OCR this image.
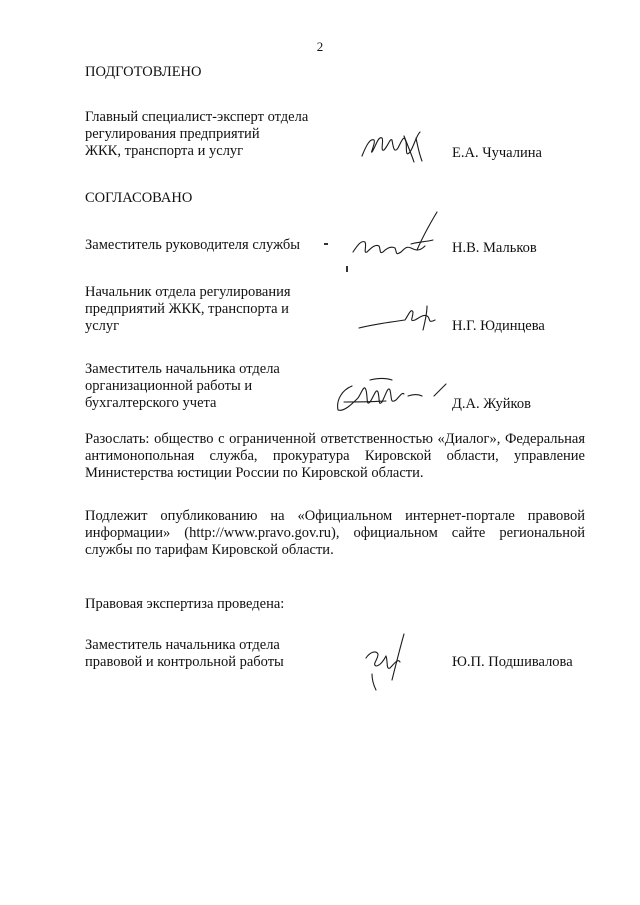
2
ПОДГОТОВЛЕНО
Главный специалист-эксперт отдела
регулирования предприятий
ЖКК, транспорта и услуг	Е.А. Чучалина
СОГЛАСОВАНО
Заместитель руководителя службы	Н.В. Мальков
Начальник отдела регулирования
предприятий ЖКК, транспорта и
услуг	Н.Г. Юдинцева
Заместитель начальника отдела
организационной работы и
бухгалтерского учета	Д.А. Жуйков
Разослать: общество с ограниченной ответственностью «Диалог», Федеральная антимонопольная служба, прокуратура Кировской области, управление Министерства юстиции России по Кировской области.
Подлежит опубликованию на «Официальном интернет-портале правовой информации» (http://www.pravo.gov.ru), официальном сайте региональной службы по тарифам Кировской области.
Правовая экспертиза проведена:
Заместитель начальника отдела
правовой и контрольной работы	Ю.П. Подшивалова
